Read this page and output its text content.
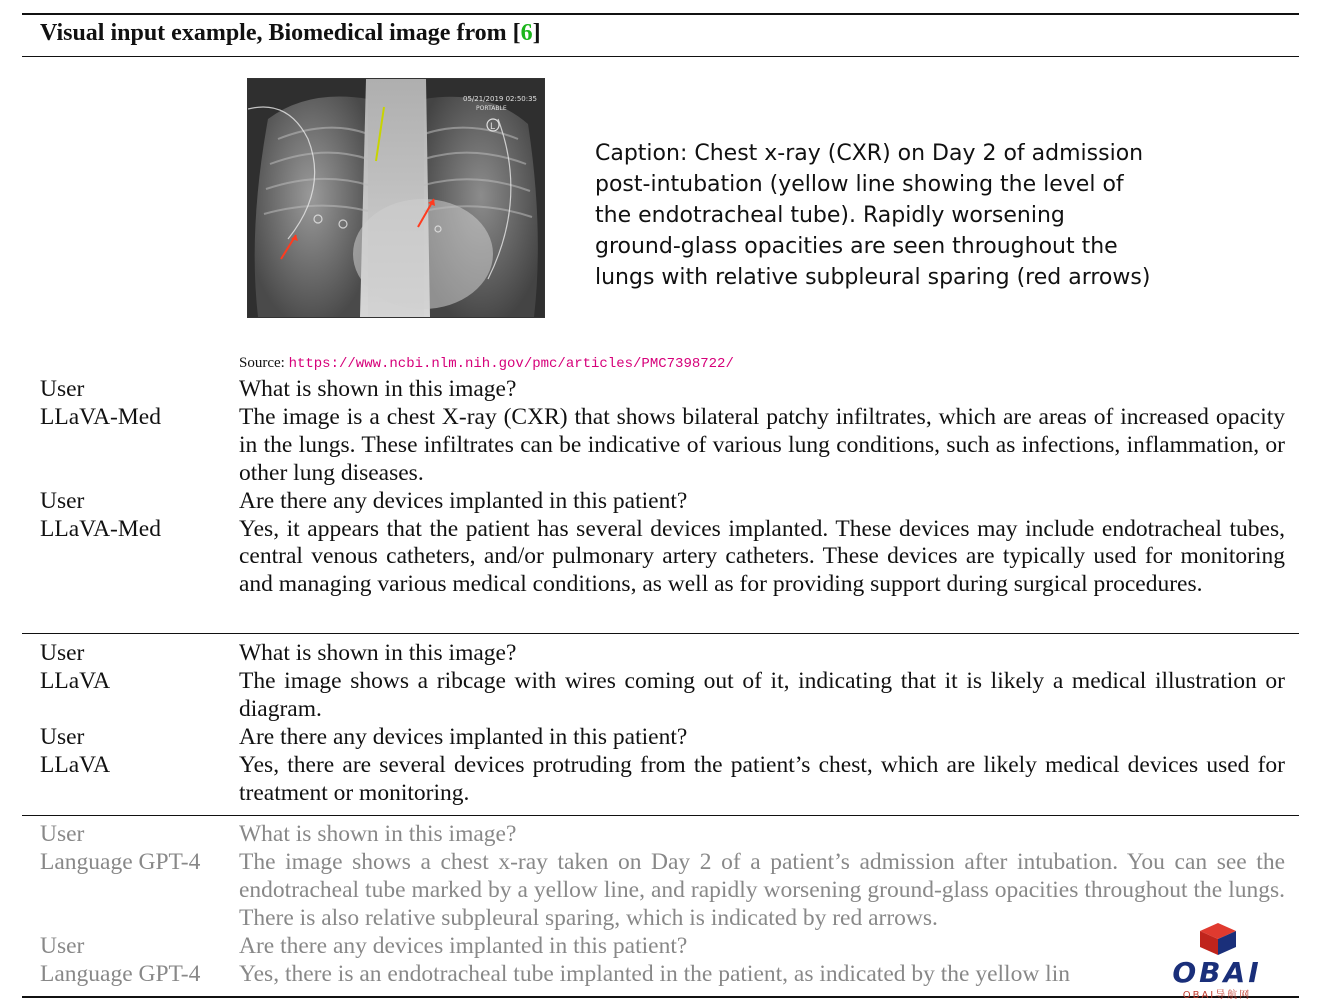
Visual input example, Biomedical image from [6]
05/21/2019 02:50:35
PORTABLE
L
Caption: Chest x-ray (CXR) on Day 2 of admission post-intubation (yellow line showing the level of the endotracheal tube). Rapidly worsening ground-glass opacities are seen throughout the lungs with relative subpleural sparing (red arrows)
Source: https://www.ncbi.nlm.nih.gov/pmc/articles/PMC7398722/
User	What is shown in this image?
LLaVA-Med	The image is a chest X-ray (CXR) that shows bilateral patchy infiltrates, which are areas of increased opacity in the lungs. These infiltrates can be indicative of various lung conditions, such as infections, inflammation, or other lung diseases.
User	Are there any devices implanted in this patient?
LLaVA-Med	Yes, it appears that the patient has several devices implanted. These devices may include endotracheal tubes, central venous catheters, and/or pulmonary artery catheters. These devices are typically used for monitoring and managing various medical conditions, as well as for providing support during surgical procedures.
User	What is shown in this image?
LLaVA	The image shows a ribcage with wires coming out of it, indicating that it is likely a medical illustration or diagram.
User	Are there any devices implanted in this patient?
LLaVA	Yes, there are several devices protruding from the patient’s chest, which are likely medical devices used for treatment or monitoring.
User	What is shown in this image?
Language GPT-4	The image shows a chest x-ray taken on Day 2 of a patient’s admission after intubation. You can see the endotracheal tube marked by a yellow line, and rapidly worsening ground-glass opacities throughout the lungs. There is also relative subpleural sparing, which is indicated by red arrows.
User	Are there any devices implanted in this patient?
Language GPT-4	Yes, there is an endotracheal tube implanted in the patient, as indicated by the yellow lin	OBAI
OBAI导航网
